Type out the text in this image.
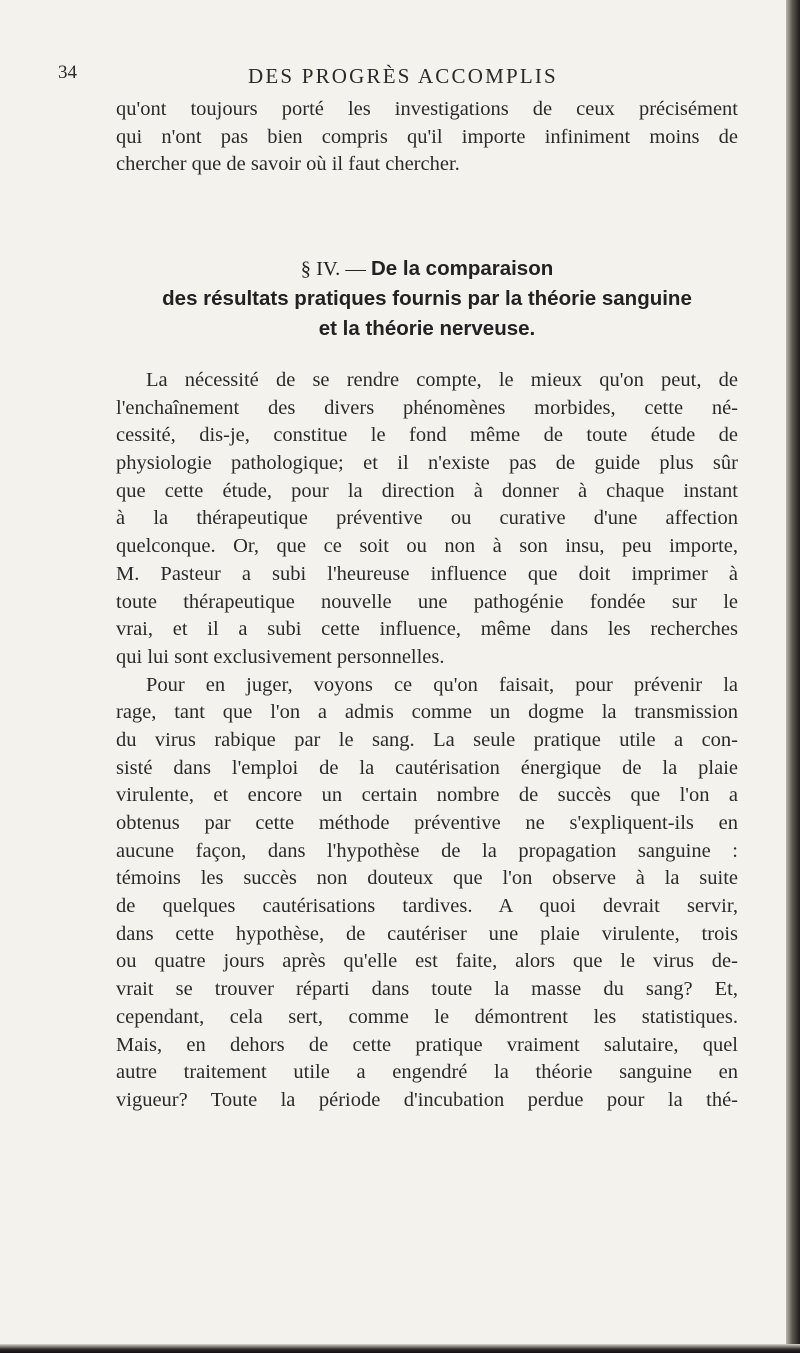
34	DES PROGRÈS ACCOMPLIS
qu'ont toujours porté les investigations de ceux précisément
qui n'ont pas bien compris qu'il importe infiniment moins de
chercher que de savoir où il faut chercher.
§ IV. — De la comparaison
des résultats pratiques fournis par la théorie sanguine
et la théorie nerveuse.
La nécessité de se rendre compte, le mieux qu'on peut, de
l'enchaînement des divers phénomènes morbides, cette né-
cessité, dis-je, constitue le fond même de toute étude de
physiologie pathologique; et il n'existe pas de guide plus sûr
que cette étude, pour la direction à donner à chaque instant
à la thérapeutique préventive ou curative d'une affection
quelconque. Or, que ce soit ou non à son insu, peu importe,
M. Pasteur a subi l'heureuse influence que doit imprimer à
toute thérapeutique nouvelle une pathogénie fondée sur le
vrai, et il a subi cette influence, même dans les recherches
qui lui sont exclusivement personnelles.
Pour en juger, voyons ce qu'on faisait, pour prévenir la
rage, tant que l'on a admis comme un dogme la transmission
du virus rabique par le sang. La seule pratique utile a con-
sisté dans l'emploi de la cautérisation énergique de la plaie
virulente, et encore un certain nombre de succès que l'on a
obtenus par cette méthode préventive ne s'expliquent-ils en
aucune façon, dans l'hypothèse de la propagation sanguine :
témoins les succès non douteux que l'on observe à la suite
de quelques cautérisations tardives. A quoi devrait servir,
dans cette hypothèse, de cautériser une plaie virulente, trois
ou quatre jours après qu'elle est faite, alors que le virus de-
vrait se trouver réparti dans toute la masse du sang? Et,
cependant, cela sert, comme le démontrent les statistiques.
Mais, en dehors de cette pratique vraiment salutaire, quel
autre traitement utile a engendré la théorie sanguine en
vigueur? Toute la période d'incubation perdue pour la thé-
